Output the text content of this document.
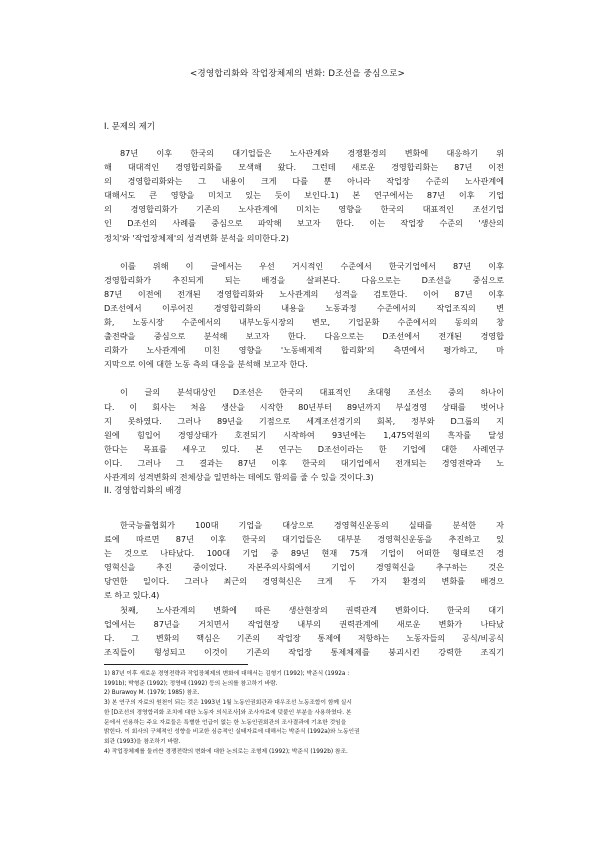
<경영합리화와 작업장체제의 변화: D조선을 중심으로>
I. 문제의 제기

87년 이후 한국의 대기업들은 노사관계와 경쟁환경의 변화에 대응하기 위
해 대대적인 경영합리화를 모색해 왔다. 그런데 새로운 경영합리화는 87년 이전
의 경영합리화와는 그 내용이 크게 다를 뿐 아니라 작업장 수준의 노사관계에
대해서도 큰 영향을 미치고 있는 듯이 보인다.1) 본 연구에서는 87년 이후 기업
의 경영합리화가 기존의 노사관계에 미치는 영향을 한국의 대표적인 조선기업
인 D조선의 사례를 중심으로 파악해 보고자 한다. 이는 작업장 수준의 '생산의
정치'와 '작업장체제'의 성격변화 분석을 의미한다.2)

이를 위해 이 글에서는 우선 거시적인 수준에서 한국기업에서 87년 이후
경영합리화가 추진되게 되는 배경을 살펴본다. 다음으로는 D조선을 중심으로
87년 이전에 전개된 경영합리화와 노사관계의 성격을 검토한다. 이어 87년 이후
D조선에서 이루어진 경영합리화의 내용을 노동과정 수준에서의 작업조직의 변
화, 노동시장 수준에서의 내부노동시장의 변모, 기업문화 수준에서의 동의의 창
출전략을 중심으로 분석해 보고자 한다. 다음으로는 D조선에서 전개된 경영합
리화가 노사관계에 미친 영향을 '노동배제적 합리화'의 측면에서 평가하고, 마
지막으로 이에 대한 노동 측의 대응을 분석해 보고자 한다.

이 글의 분석대상인 D조선은 한국의 대표적인 초대형 조선소 중의 하나이
다. 이 회사는 처음 생산을 시작한 80년부터 89년까지 부실경영 상태를 벗어나
지 못하였다. 그러나 89년을 기점으로 세계조선경기의 회복, 정부와 D그룹의 지
원에 힘입어 경영상태가 호전되기 시작하여 93년에는 1,475억원의 흑자를 달성
한다는 목표를 세우고 있다. 본 연구는 D조선이라는 한 기업에 대한 사례연구
이다. 그러나 그 결과는 87년 이후 한국의 대기업에서 전개되는 경영전략과 노
사관계의 성격변화의 전체상을 일면하는 데에도 함의를 줄 수 있을 것이다.3)

II. 경영합리화의 배경

한국능률협회가 100대 기업을 대상으로 경영혁신운동의 실태를 분석한 자
료에 따르면 87년 이후 한국의 대기업들은 대부분 경영혁신운동을 추진하고 있
는 것으로 나타났다. 100대 기업 중 89년 현재 75개 기업이 어떠한 형태로건 경
영혁신을 추진 중이었다. 자본주의사회에서 기업이 경영혁신을 추구하는 것은
당연한 일이다. 그러나 최근의 경영혁신은 크게 두 가지 환경의 변화를 배경으
로 하고 있다.4)

첫째, 노사관계의 변화에 따른 생산현장의 권력관계 변화이다. 한국의 대기
업에서는 87년을 거치면서 작업현장 내부의 권력관계에 새로운 변화가 나타났
다. 그 변화의 핵심은 기존의 작업장 통제에 저항하는 노동자들의 공식/비공식
조직들이 형성되고 이것이 기존의 작업장 통제체제를 붕괴시킨 강력한 조직기

1) 87년 이후 새로운 경영전략과 작업장체제의 변화에 대해서는 김형기 (1992); 박준식 (1992a :
1991b); 박형준 (1992); 정영태 (1992) 등의 논의를 참고하기 바람.

2) Burawoy M. (1979; 1985) 참조.

3) 본 연구의 자료의 원천이 되는 것은 1993년 1월 노동인권회관과 대우조선 노동조합이 함께 실시
한 [D조선의 경영합리화 조치에 대한 노동자 의식조사]와 조사자료에 덧붙인 부분을 사용하였다. 본
문에서 인용하는 주요 자료들은 특별한 언급이 없는 한 노동인권회관의 조사결과에 기초한 것임을
밝힌다. 이 회사의 구체적인 성향을 비교한 심층적인 실태자료에 대해서는 박준식 (1992a)와 노동인권
회관 (1993)을 참조하기 바람.

4) 작업장체제를 둘러싼 경쟁전략의 변화에 대한 논의로는 조형제 (1992); 박준식 (1992b) 참조.
